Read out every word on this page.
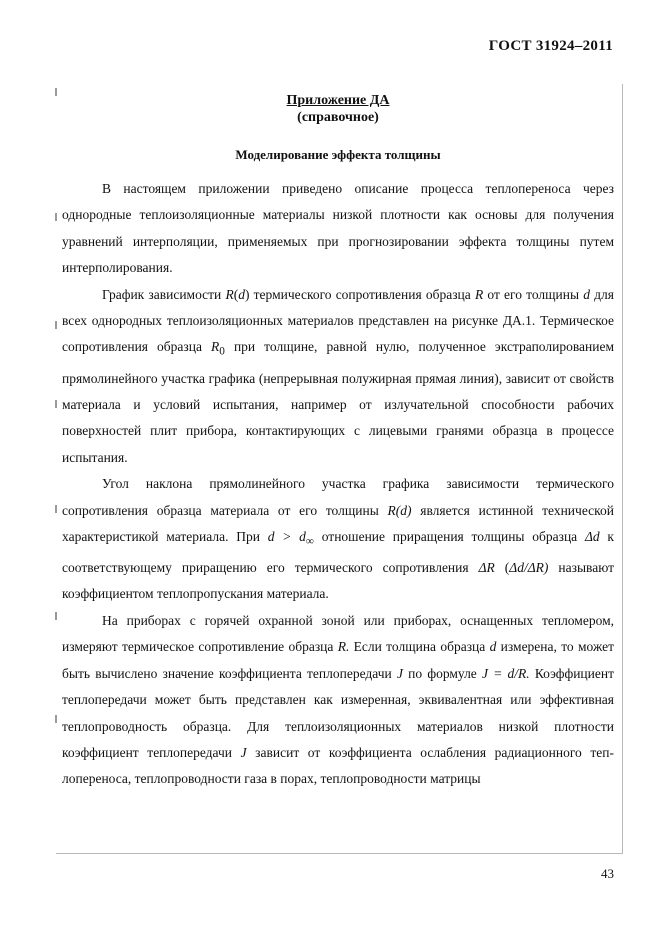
ГОСТ 31924–2011
Приложение ДА
(справочное)
Моделирование эффекта толщины

В настоящем приложении приведено описание процесса теплопереноса через однородные теплоизоляционные материалы низкой плотности как основы для получения уравнений интерполяции, применяемых при прогнозировании эффекта толщины путем интерполирования.

График зависимости R(d) термического сопротивления образца R от его толщины d для всех однородных теплоизоляционных материалов представлен на рисунке ДА.1. Термическое сопротивления образца $R_0$ при толщине, равной нулю, полученное экстраполированием прямолинейного участка графика (непрерывная полужирная прямая линия), зависит от свойств материала и условий испытания, например от излучательной способности рабочих поверхностей плит прибора, контактирующих с лицевыми гранями образца в процессе испытания.

Угол наклона прямолинейного участка графика зависимости термического сопротивления образца материала от его толщины R(d) является истинной технической характеристикой материала. При $d > d_\infty$ отношение приращения толщины образца Δd к соответствующему приращению его термического сопротивления ΔR (Δd/ΔR) называют коэффициентом теплопропускания материала.

На приборах с горячей охранной зоной или приборах, оснащенных тепломером, измеряют термическое сопротивление образца R. Если толщина образца d измерена, то может быть вычислено значение коэффициента теплопередачи J по формуле J = d/R. Коэффициент теплопередачи может быть представлен как измеренная, эквивалентная или эффективная теплопроводность образца. Для теплоизоляционных материалов низкой плотности коэффициент теплопередачи J зависит от коэффициента ослабления радиационного теп-лопереноса, теплопроводности газа в порах, теплопроводности матрицы

43
